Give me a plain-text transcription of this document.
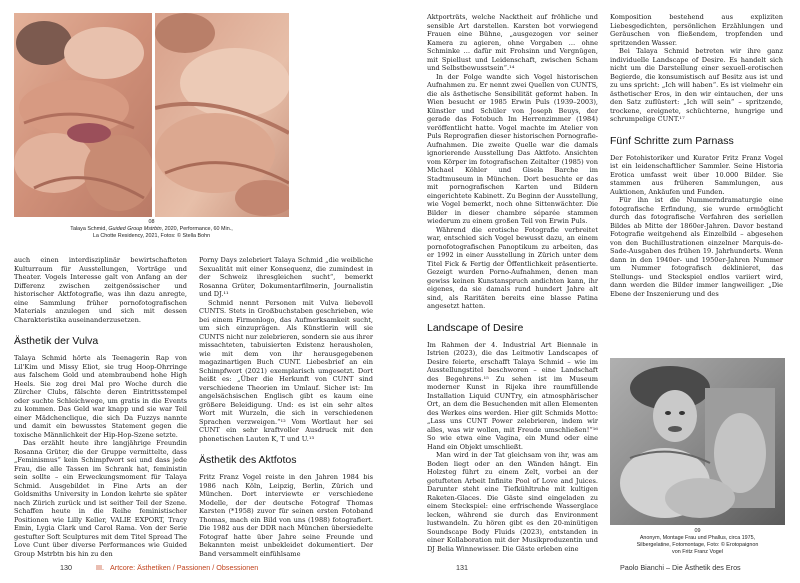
08
Talaya Schmid, Guided Group Mstrbtn, 2020, Performance, 60 Min.,
La Chotte Residency, 2021, Fotos: © Stella Bohn

auch einen interdisziplinär bewirtschafteten Kulturraum für Ausstellungen, Vorträge und Theater. Vogels Interesse galt von Anfang an der Differenz zwischen zeitgenössischer und historischer Aktfotografie, was ihn dazu anregte, eine Sammlung früher pornofotografischen Materials anzulegen und sich mit dessen Charakteristika auseinanderzusetzen.

Ästhetik der Vulva

Talaya Schmid hörte als Teenagerin Rap von Lil'Kim und Missy Eliot, sie trug Hoop-Ohrringe aus falschem Gold und atembraubend hohe High Heels. Sie zog drei Mal pro Woche durch die Zürcher Clubs, fälschte deren Eintrittsstempel oder suchte Schleichwege, um gratis in die Events zu kommen. Das Geld war knapp und sie war Teil einer Mädchenclique, die sich Da Fuzzys nannte und damit ein bewusstes Statement gegen die toxische Männlichkeit der Hip-Hop-Szene setzte.

Das erzählt heute ihre langjährige Freundin Rosanna Grüter, die der Gruppe vermittelte, dass „Feminismus“ kein Schimpfwort sei und dass jede Frau, die alle Tassen im Schrank hat, feministin sein sollte – ein Erweckungsmoment für Talaya Schmid. Ausgebildet in Fine Arts an der Goldsmiths University in London kehrte sie später nach Zürich zurück und ist seither Teil der Szene. Schaffen heute in die Reihe feministischer Positionen wie Lilly Keller, VALIE EXPORT, Tracy Emin, Lygia Clark und Carol Rama. Von der Serie gestufter Soft Sculptures mit dem Titel Spread The Love Cunt über diverse Performances wie Guided Group Mstrbtn bis hin zu den

Porny Days zelebriert Talaya Schmid „die weibliche Sexualität mit einer Konsequenz, die zumindest in der Schweiz ihresgleichen sucht“, bemerkt Rosanna Grüter, Dokumentarfilmerin, Journalistin und DJ.¹¹

Schmid nennt Personen mit Vulva liebevoll CUNTS. Stets in Großbuchstaben geschrieben, wie bei einem Firmenlogo, das Aufmerksamkeit sucht, um sich einzuprägen. Als Künstlerin will sie CUNTS nicht nur zelebrieren, sondern sie aus ihrer missachteten, tabuisierten Existenz herausholen, wie mit dem von ihr herausgegebenen magazinartigen Buch CUNT. Liebesbrief an ein Schimpfwort (2021) exemplarisch umgesetzt. Dort heißt es: „Über die Herkunft von CUNT sind verschiedene Theorien im Umlauf. Sicher ist: Im angelsächsischen Englisch gibt es kaum eine größere Beleidigung. Und: es ist ein sehr altes Wort mit Wurzeln, die sich in verschiedenen Sprachen verzweigen.“¹² Vom Wortlaut her sei CUNT ein sehr kraftvoller Ausdruck mit den phonetischen Lauten K, T und U.¹³

Ästhetik des Aktfotos

Fritz Franz Vogel reiste in den Jahren 1984 bis 1986 nach Köln, Leipzig, Berlin, Zürich und München. Dort interviewte er verschiedene Modelle, der der deutsche Fotograf Thomas Karsten (*1958) zuvor für seinen ersten Fotoband Thomas, mach ein Bild von uns (1988) fotografiert. Die 1982 aus der DDR nach München übersiedelte Fotograf hatte über Jahre seine Freunde und Bekannten meist unbekleidet dokumentiert. Der Band versammelt einfühlsame

130	III. Artcore: Ästhetiken / Passionen / Obsessionen

Aktporträts, welche Nacktheit auf fröhliche und sensible Art darstellen. Karsten bot vorwiegend Frauen eine Bühne, „ausgezogen vor seiner Kamera zu agieren, ohne Vorgaben … ohne Schminke … dafür mit Frohsinn und Vergnügen, mit Spiellust und Leidenschaft, zwischen Scham und Selbstbewusstsein“.¹⁴

In der Folge wandte sich Vogel historischen Aufnahmen zu. Er nennt zwei Quellen von CUNTS, die als ästhetische Sensibilität geformt haben. In Wien besucht er 1985 Erwin Puls (1939–2003), Künstler und Schüler von Joseph Beuys, der gerade das Fotobuch Im Herrenzimmer (1984) veröffentlicht hatte. Vogel machte im Atelier von Puls Reprografien dieser historischen Pornografie-Aufnahmen. Die zweite Quelle war die damals ignorierende Ausstellung Das Aktfoto. Ansichten vom Körper im fotografischen Zeitalter (1985) von Michael Köhler und Gisela Barche im Stadtmuseum in München. Dort besuchte er das mit pornografischen Karten und Bildern eingerichtete Kabinett. Zu Beginn der Ausstellung, wie Vogel bemerkt, noch ohne Sittenwächter. Die Bilder in dieser chambre séparée stammen wiederum zu einem großen Teil von Erwin Puls.

Während die erotische Fotografie verbreitet war, entschied sich Vogel bewusst dazu, an einem pornofotografischen Panoptikum zu arbeiten, das er 1992 in einer Ausstellung in Zürich unter dem Titel Fick & Fertig der Öffentlichkeit präsentierte. Gezeigt wurden Porno-Aufnahmen, denen man gewiss keinen Kunstanspruch andichten kann, ihr eigenes, da sie damals rund hundert Jahre alt sind, als Raritäten bereits eine blasse Patina angesetzt hatten.

Landscape of Desire

Im Rahmen der 4. Industrial Art Biennale in Istrien (2023), die das Leitmotiv Landscapes of Desire feierte, erschafft Talaya Schmid – wie im Ausstellungstitel beschworen – eine Landschaft des Begehrens.¹⁵ Zu sehen ist im Museum moderner Kunst in Rijeka ihre raumfüllende Installation Liquid CUNTry, ein atmosphärischer Ort, an dem die Besuchenden mit allen Elementen des Werkes eins werden. Hier gilt Schmids Motto: „Lass uns CUNT Power zelebrieren, indem wir alles, was wir wollen, mit Freude umschließen!“¹⁶ So wie etwa eine Vagina, ein Mund oder eine Hand ein Objekt umschließt.

Man wird in der Tat gleichsam von ihr, was am Boden liegt oder an den Wänden hängt. Ein Holzsteg führt zu einem Zelt, vorbei an der getufteten Arbeit Infinite Pool of Love and Juices. Darunter steht eine Tiefkühltruhe mit kultigen Raketen-Glaces. Die Gäste sind eingeladen zu einem Steckspiel: eine erfrischende Wasserglace lecken, während sie durch das Environment lustwandeln. Zu hören gibt es den 20-minütigen Soundscape Body Fluids (2023), entstanden in einer Kollaboration mit der Musikproduzentin und DJ Belia Winnewisser. Die Gäste erleben eine

Komposition bestehend aus expliziten Liebesgedichten, persönlichen Erzählungen und Geräuschen von fließendem, tropfenden und spritzenden Wasser.

Bei Talaya Schmid betreten wir ihre ganz individuelle Landscape of Desire. Es handelt sich nicht um die Darstellung einer sexuell-erotischen Begierde, die konsumistisch auf Besitz aus ist und zu uns spricht: „Ich will haben“. Es ist vielmehr ein ästhetischer Eros, in den wir eintauchen, der uns den Satz zuflüstert: „Ich will sein“ – spritzende, trockene, ereignete, schüchterne, hungrige und schrumpelige CUNT.¹⁷

Fünf Schritte zum Parnass

Der Fotohistoriker und Kurator Fritz Franz Vogel ist ein leidenschaftlicher Sammler. Seine Historia Erotica umfasst weit über 10.000 Bilder. Sie stammen aus früheren Sammlungen, aus Auktionen, Ankäufen und Funden.

Für ihn ist die Nummerndramaturgie eine fotografische Erfindung, sie wurde ermöglicht durch das fotografische Verfahren des seriellen Bildes ab Mitte der 1860er-Jahren. Davor bestand Fotografie weitgehend als Einzelbild – abgesehen von den Buchillustrationen einzelner Marquis-de-Sade-Ausgaben des frühen 19. Jahrhunderts. Wenn dann in den 1940er- und 1950er-Jahren Nummer um Nummer fotografisch deklinieret, das Stellungs- und Steckspiel endlos variiert wird, dann werden die Bilder immer langweiliger. „Die Ebene der Inszenierung und des

09
Anonym, Montage Frau und Phallus, circa 1975,
Silbergelatine, Fotomontage, Foto: © Erotopaignon
von Fritz Franz Vogel
131	Paolo Bianchi – Die Ästhetik des Eros
